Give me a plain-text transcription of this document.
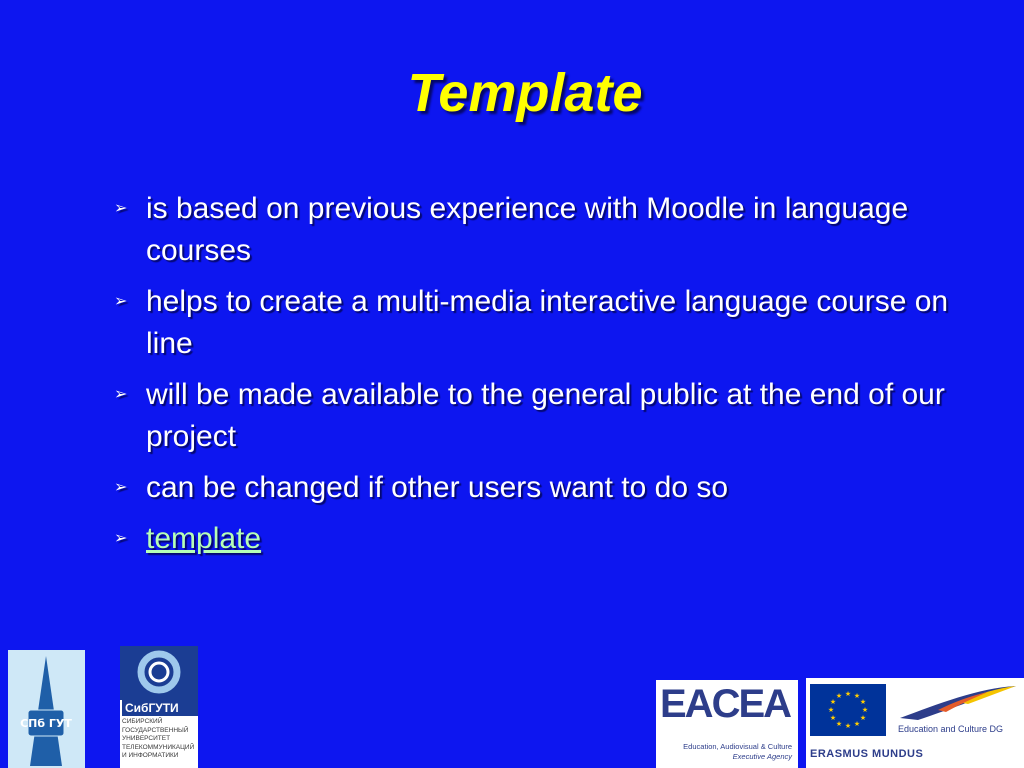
Template
➢ is based on previous experience with Moodle in language courses
➢ helps to create a multi-media interactive language course on line
➢ will be made available to the general public at the end of our project
➢ can be changed if other users want to do so
➢ template
СПб ГУТ
СибГУТИ
СИБИРСКИЙ ГОСУДАРСТВЕННЫЙ УНИВЕРСИТЕТ ТЕЛЕКОММУНИКАЦИЙ И ИНФОРМАТИКИ
EACEA
Education, Audiovisual & Culture
Executive Agency
★ ★
★
★
★
★
★
★
★
★
★
★
Education and Culture DG
ERASMUS MUNDUS
